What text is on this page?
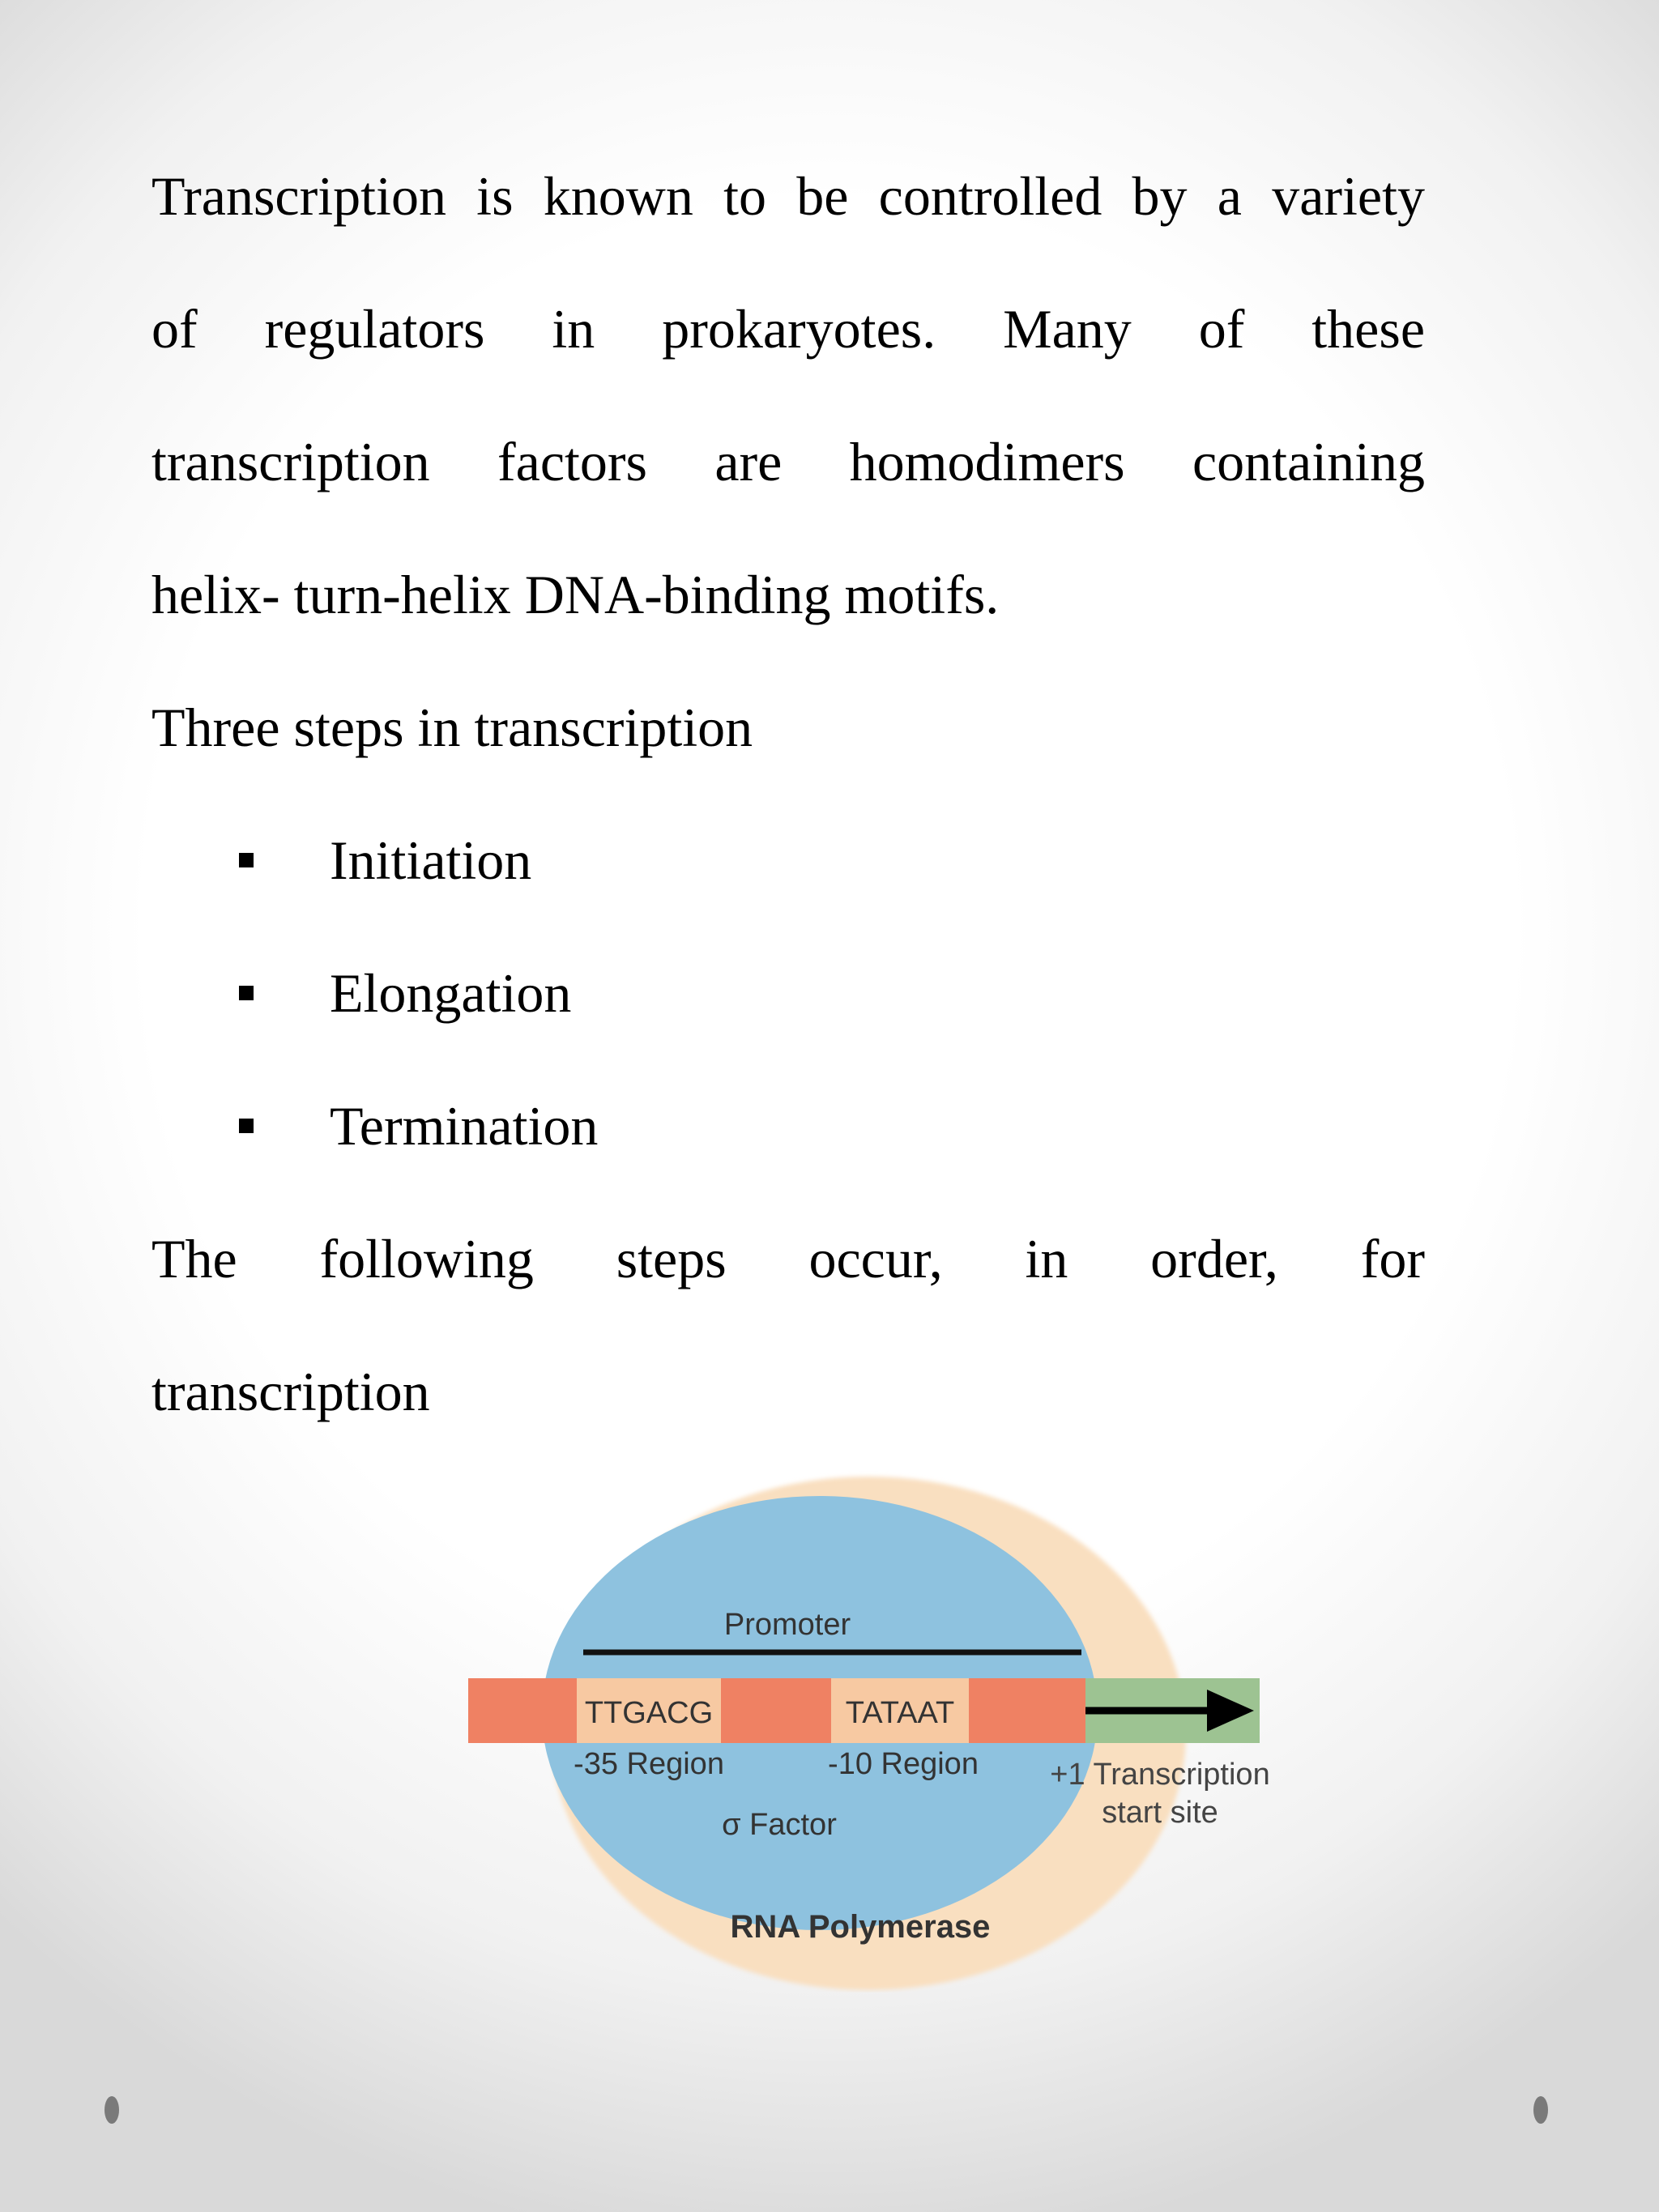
Transcription is known to be controlled by a variety
of regulators in prokaryotes. Many of these
transcription factors are homodimers containing
helix- turn-helix DNA-binding motifs.
Three steps in transcription
Initiation
Elongation
Termination
The following steps occur, in order, for
transcription
Promoter
TTGACG
-35 Region
TATAAT
-10 Region
σ Factor
+1 Transcription
start site
RNA Polymerase
